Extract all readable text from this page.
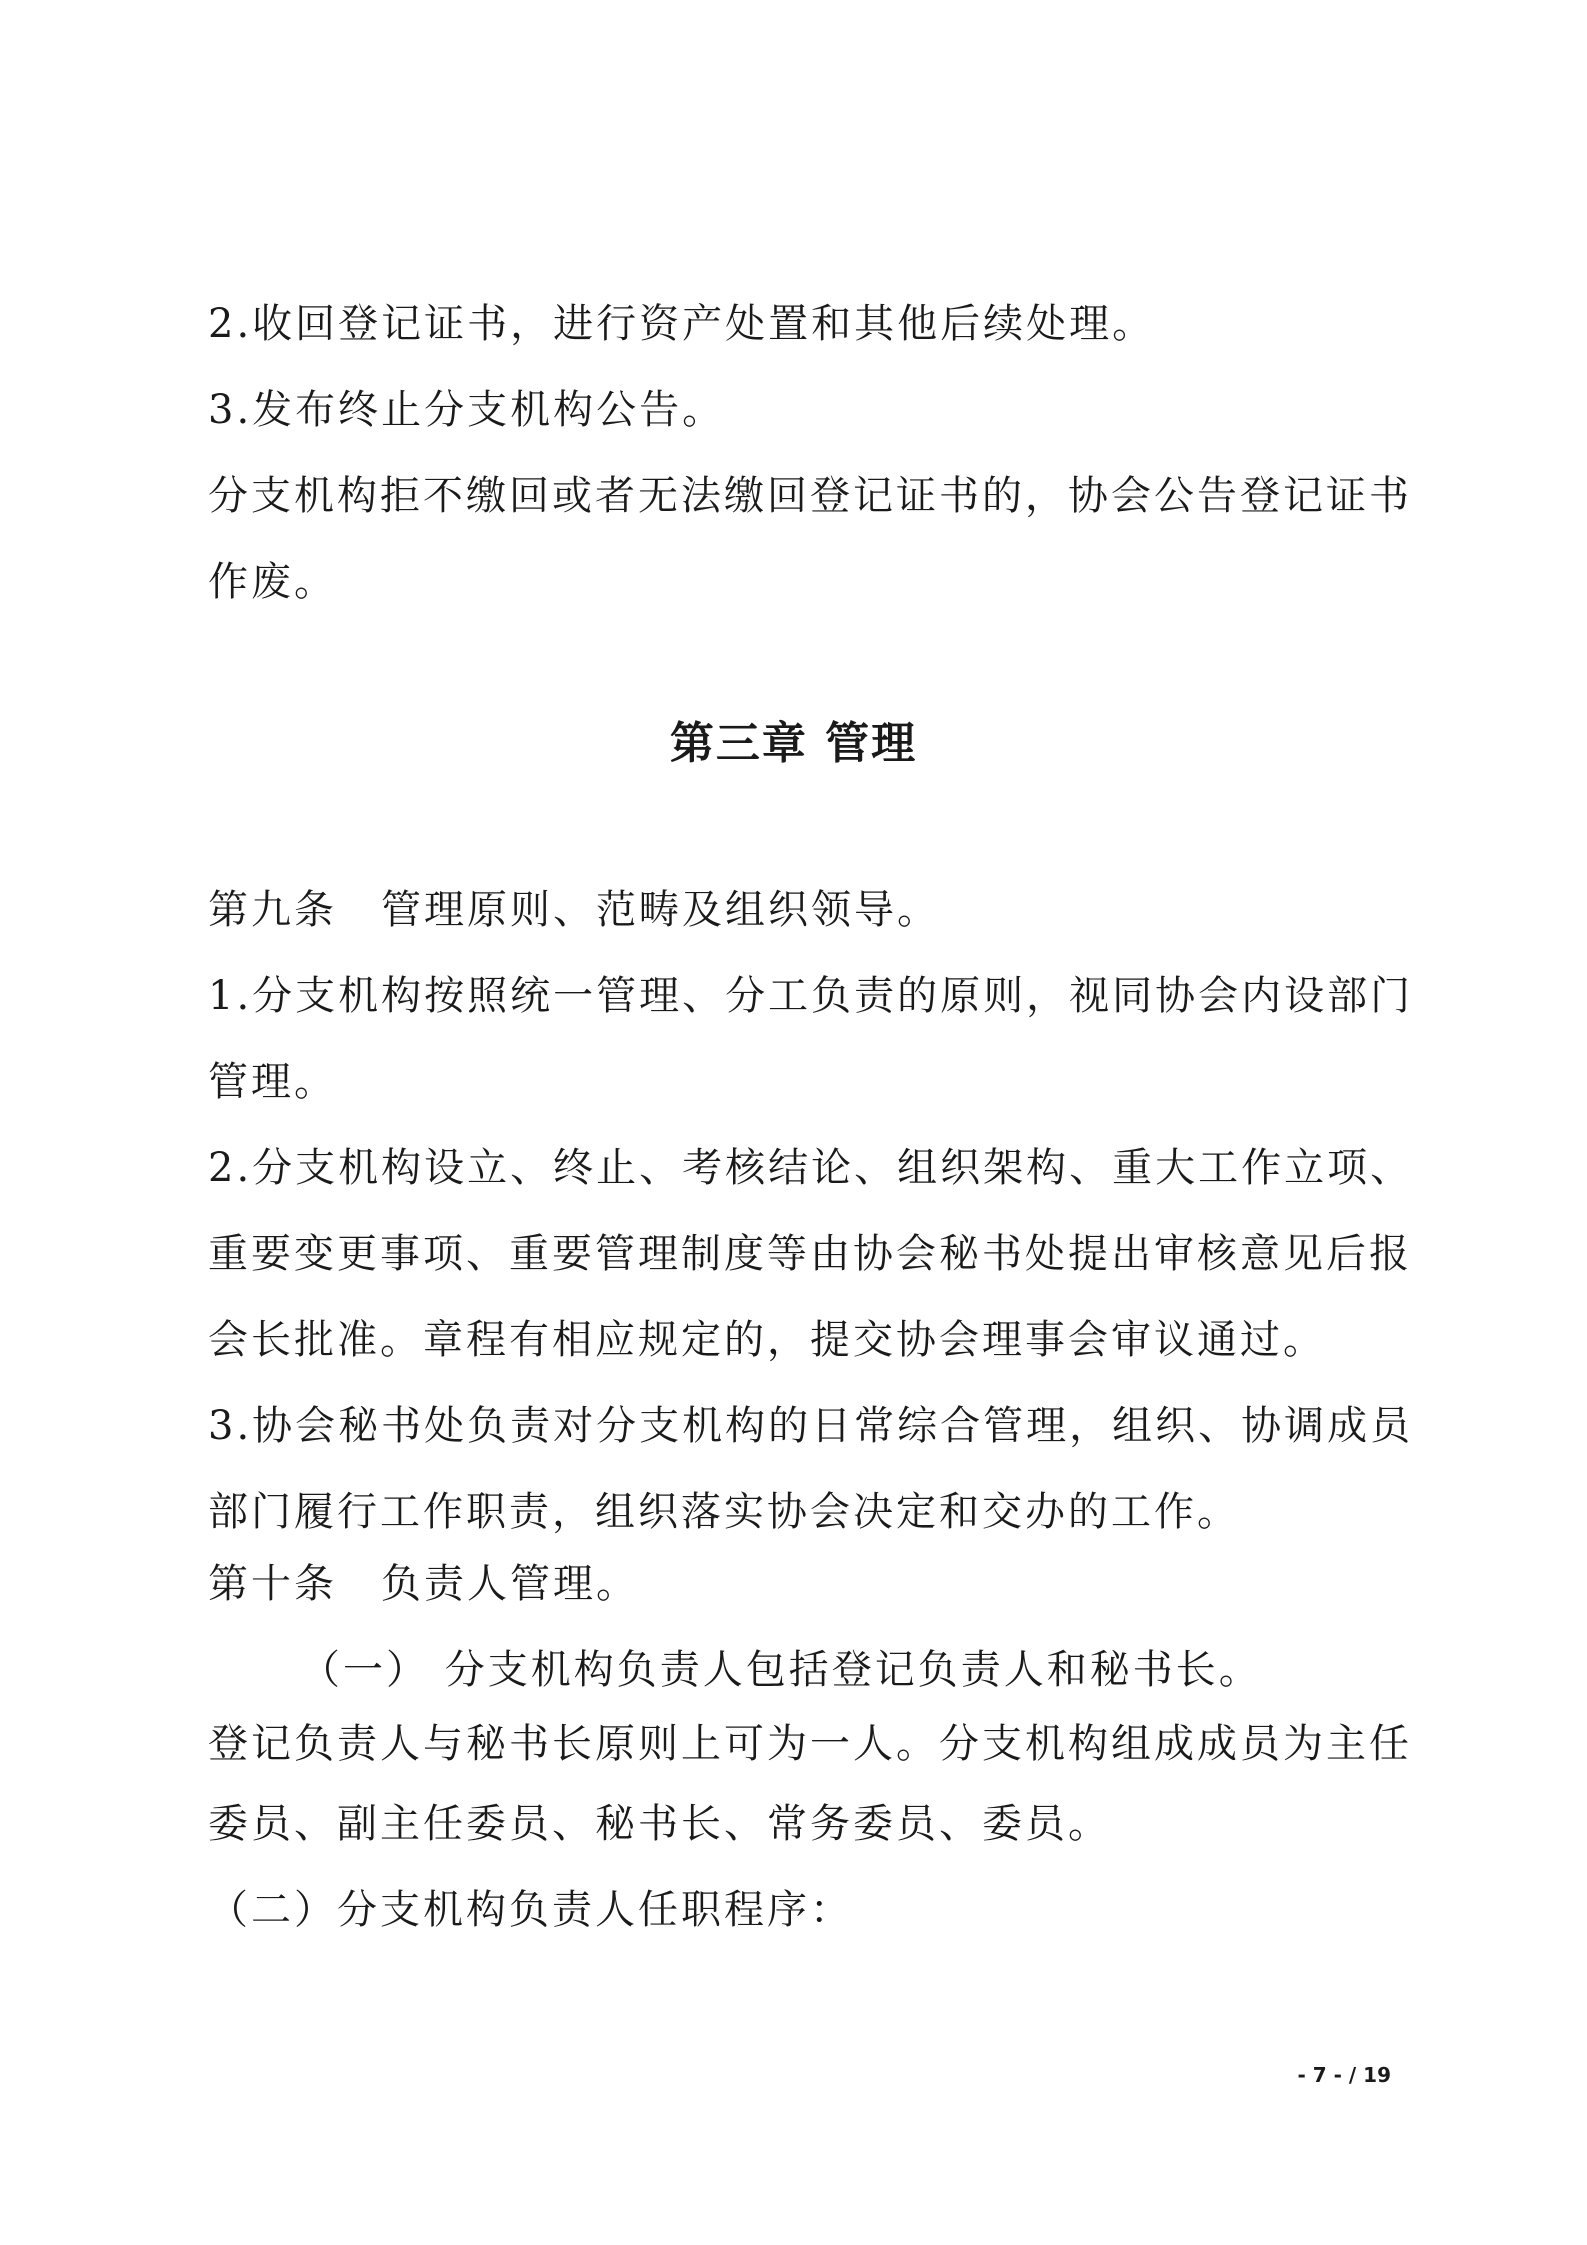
2.收回登记证书，进行资产处置和其他后续处理。
3.发布终止分支机构公告。
分支机构拒不缴回或者无法缴回登记证书的，协会公告登记证书
作废。
第三章 管理
第九条 管理原则、范畴及组织领导。
1.分支机构按照统一管理、分工负责的原则，视同协会内设部门
管理。
2.分支机构设立、终止、考核结论、组织架构、重大工作立项、
重要变更事项、重要管理制度等由协会秘书处提出审核意见后报
会长批准。章程有相应规定的，提交协会理事会审议通过。
3.协会秘书处负责对分支机构的日常综合管理，组织、协调成员
部门履行工作职责，组织落实协会决定和交办的工作。
第十条 负责人管理。
（一） 分支机构负责人包括登记负责人和秘书长。
登记负责人与秘书长原则上可为一人。分支机构组成成员为主任
委员、副主任委员、秘书长、常务委员、委员。
（二）分支机构负责人任职程序：
- 7 - / 19
